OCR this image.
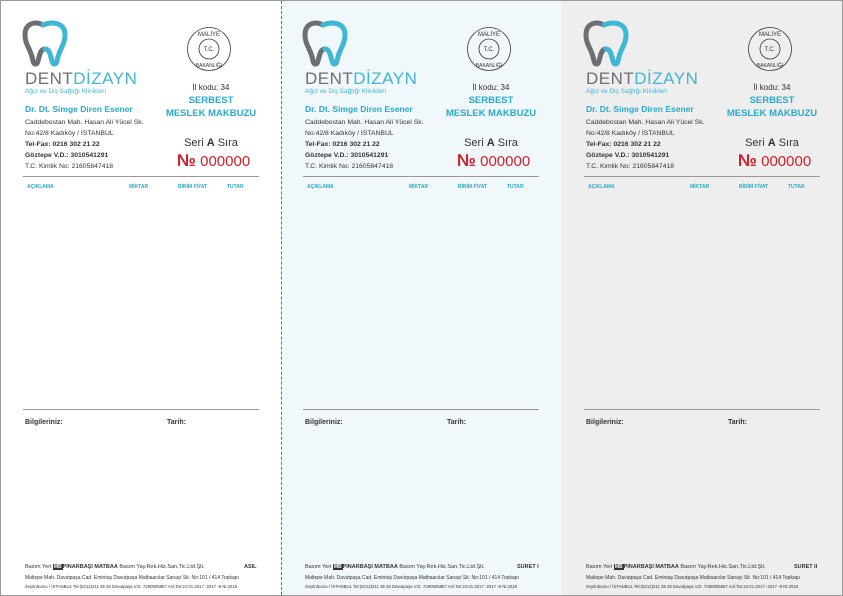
DENTDİZAYN
Ağız ve Diş Sağlığı Klinikleri
Dr. Dt. Simge Diren Esener
Caddebostan Mah. Hasan Ali Yücel Sk.
No:42/8 Kadıköy / İSTANBUL
Tel-Fax: 0216 302 21 22
Göztepe V.D.: 3010541291
T.C. Kimlik No: 21605847418
MALİYE
BAKANLIĞI
T.C.
İl kodu: 34
SERBEST
MESLEK MAKBUZU
Seri A Sıra
№ 000000
AÇIKLAMA	MİKTAR	BİRİM FİYAT	TUTAR
Bilgileriniz:	Tarih:
Basım Yeri MBPINARBAŞI MATBAA Basım Yay.Rek.Hiz.San.Tic.Ltd.Şti.	ASIL
Maltepe Mah. Davutpaşa Cad. Emintaş Davutpaşa Matbaacılar Sanayi Sit. No:101 / 414 Topkapı
Zeytinburnu / İSTANBUL Tel:(0212)211 35 29 Davutpaşa V.D. 7290505867 Anl.Tar:24.01.2017 -2017 -8 Ni:2018
DENTDİZAYN
Ağız ve Diş Sağlığı Klinikleri
Dr. Dt. Simge Diren Esener
Caddebostan Mah. Hasan Ali Yücel Sk.
No:42/8 Kadıköy / İSTANBUL
Tel-Fax: 0216 302 21 22
Göztepe V.D.: 3010541291
T.C. Kimlik No: 21605847418
MALİYE
BAKANLIĞI
T.C.
İl kodu: 34
SERBEST
MESLEK MAKBUZU
Seri A Sıra
№ 000000
AÇIKLAMA	MİKTAR	BİRİM FİYAT	TUTAR
Bilgileriniz:	Tarih:
Basım Yeri MBPINARBAŞI MATBAA Basım Yay.Rek.Hiz.San.Tic.Ltd.Şti.	SURET I
Maltepe Mah. Davutpaşa Cad. Emintaş Davutpaşa Matbaacılar Sanayi Sit. No:101 / 414 Topkapı
Zeytinburnu / İSTANBUL Tel:(0212)211 35 29 Davutpaşa V.D. 7290505867 Anl.Tar:24.01.2017 -2017 -8 Ni:2018
DENTDİZAYN
Ağız ve Diş Sağlığı Klinikleri
Dr. Dt. Simge Diren Esener
Caddebostan Mah. Hasan Ali Yücel Sk.
No:42/8 Kadıköy / İSTANBUL
Tel-Fax: 0216 302 21 22
Göztepe V.D.: 3010541291
T.C. Kimlik No: 21605847418
MALİYE
BAKANLIĞI
T.C.
İl kodu: 34
SERBEST
MESLEK MAKBUZU
Seri A Sıra
№ 000000
AÇIKLAMA	MİKTAR	BİRİM FİYAT	TUTAR
Bilgileriniz:	Tarih:
Basım Yeri MBPINARBAŞI MATBAA Basım Yay.Rek.Hiz.San.Tic.Ltd.Şti.	SURET II
Maltepe Mah. Davutpaşa Cad. Emintaş Davutpaşa Matbaacılar Sanayi Sit. No:101 / 414 Topkapı
Zeytinburnu / İSTANBUL Tel:(0212)211 35 29 Davutpaşa V.D. 7290505867 Anl.Tar:24.01.2017 -2017 -8 Ni:2018
